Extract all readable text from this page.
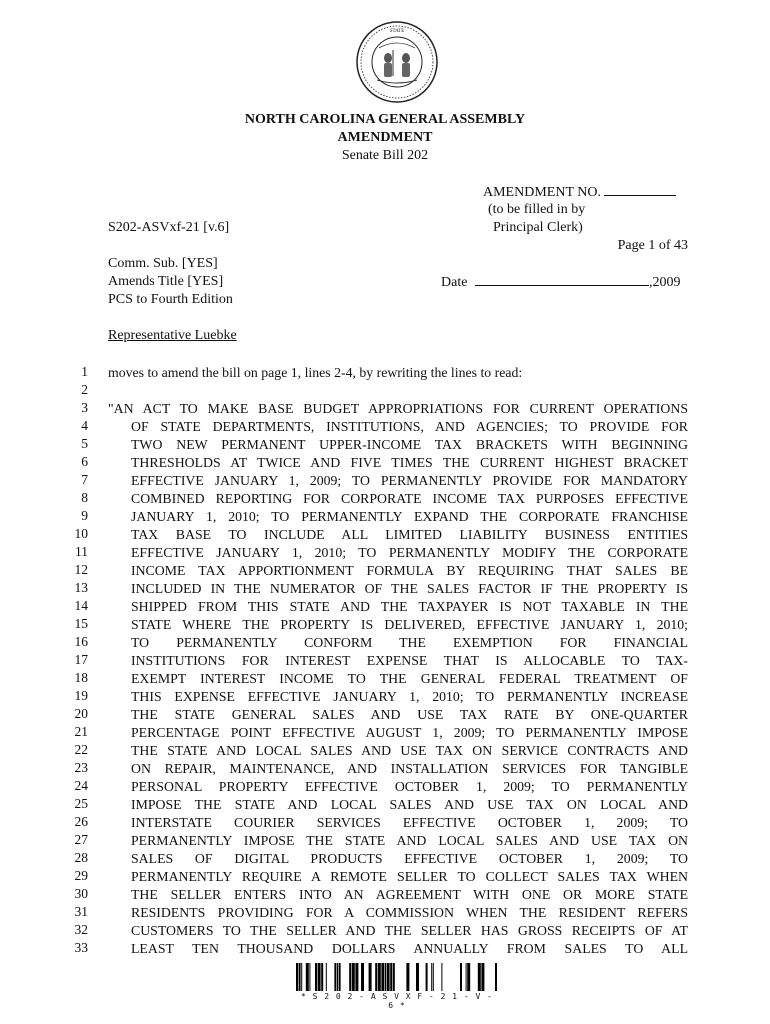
STATE
NORTH CAROLINA GENERAL ASSEMBLY
AMENDMENT
Senate Bill 202
AMENDMENT NO.
(to be filled in by
Principal Clerk)
S202-ASVxf-21 [v.6]
Page 1 of 43
Comm. Sub. [YES]
Amends Title [YES]
PCS to Fourth Edition
Date	,2009
Representative Luebke
1 moves to amend the bill on page 1, lines 2-4, by rewriting the lines to read:
2
3 "AN ACT TO MAKE BASE BUDGET APPROPRIATIONS FOR CURRENT OPERATIONS
4	OF STATE DEPARTMENTS, INSTITUTIONS, AND AGENCIES; TO PROVIDE FOR
5	TWO NEW PERMANENT UPPER-INCOME TAX BRACKETS WITH BEGINNING
6	THRESHOLDS AT TWICE AND FIVE TIMES THE CURRENT HIGHEST BRACKET
7	EFFECTIVE JANUARY 1, 2009; TO PERMANENTLY PROVIDE FOR MANDATORY
8	COMBINED REPORTING FOR CORPORATE INCOME TAX PURPOSES EFFECTIVE
9	JANUARY 1, 2010; TO PERMANENTLY EXPAND THE CORPORATE FRANCHISE
10	TAX BASE TO INCLUDE ALL LIMITED LIABILITY BUSINESS ENTITIES
11	EFFECTIVE JANUARY 1, 2010; TO PERMANENTLY MODIFY THE CORPORATE
12	INCOME TAX APPORTIONMENT FORMULA BY REQUIRING THAT SALES BE
13	INCLUDED IN THE NUMERATOR OF THE SALES FACTOR IF THE PROPERTY IS
14	SHIPPED FROM THIS STATE AND THE TAXPAYER IS NOT TAXABLE IN THE
15	STATE WHERE THE PROPERTY IS DELIVERED, EFFECTIVE JANUARY 1, 2010;
16	TO PERMANENTLY CONFORM THE EXEMPTION FOR FINANCIAL
17	INSTITUTIONS FOR INTEREST EXPENSE THAT IS ALLOCABLE TO TAX-
18	EXEMPT INTEREST INCOME TO THE GENERAL FEDERAL TREATMENT OF
19	THIS EXPENSE EFFECTIVE JANUARY 1, 2010; TO PERMANENTLY INCREASE
20	THE STATE GENERAL SALES AND USE TAX RATE BY ONE-QUARTER
21	PERCENTAGE POINT EFFECTIVE AUGUST 1, 2009; TO PERMANENTLY IMPOSE
22	THE STATE AND LOCAL SALES AND USE TAX ON SERVICE CONTRACTS AND
23	ON REPAIR, MAINTENANCE, AND INSTALLATION SERVICES FOR TANGIBLE
24	PERSONAL PROPERTY EFFECTIVE OCTOBER 1, 2009; TO PERMANENTLY
25	IMPOSE THE STATE AND LOCAL SALES AND USE TAX ON LOCAL AND
26	INTERSTATE COURIER SERVICES EFFECTIVE OCTOBER 1, 2009; TO
27	PERMANENTLY IMPOSE THE STATE AND LOCAL SALES AND USE TAX ON
28	SALES OF DIGITAL PRODUCTS EFFECTIVE OCTOBER 1, 2009; TO
29	PERMANENTLY REQUIRE A REMOTE SELLER TO COLLECT SALES TAX WHEN
30	THE SELLER ENTERS INTO AN AGREEMENT WITH ONE OR MORE STATE
31	RESIDENTS PROVIDING FOR A COMMISSION WHEN THE RESIDENT REFERS
32	CUSTOMERS TO THE SELLER AND THE SELLER HAS GROSS RECEIPTS OF AT
33	LEAST TEN THOUSAND DOLLARS ANNUALLY FROM SALES TO ALL
* S 2 0 2 - A S V X F - 2 1 - V - 6 *
